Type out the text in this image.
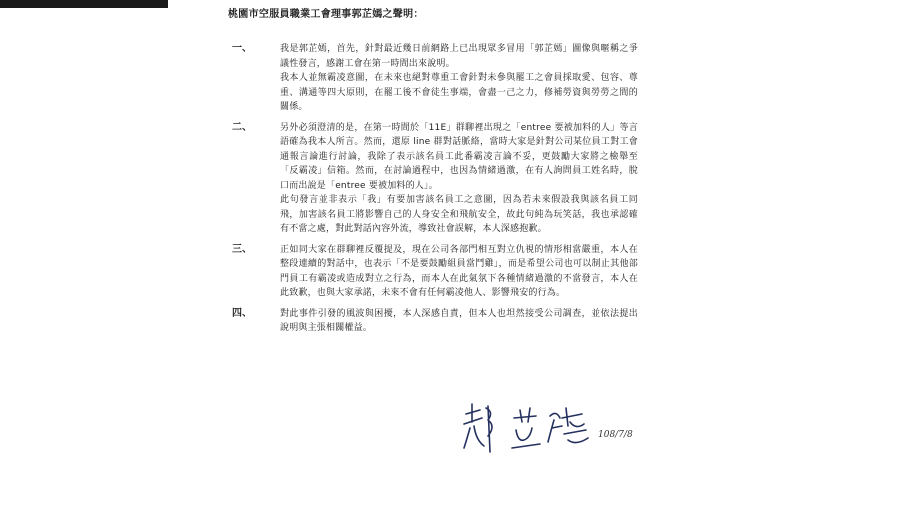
桃園市空服員職業工會理事郭芷嫣之聲明：
一、	我是郭芷嫣，首先，針對最近幾日前網路上已出現眾多冒用「郭芷嫣」圖像與暱稱之爭議性發言，感謝工會在第一時間出來說明。

我本人並無霸凌意圖，在未來也絕對尊重工會針對未參與罷工之會員採取愛、包容、尊重、溝通等四大原則，在罷工後不會徒生事端，會盡一己之力，修補勞資與勞勞之間的關係。

二、	另外必須澄清的是，在第一時間於「11E」群聊裡出現之「entree 要被加料的人」等言語確為我本人所言。然而，還原 line 群對話脈絡，當時大家是針對公司某位員工對工會通報言論進行討論，我除了表示該名員工此番霸凌言論不妥，更鼓勵大家將之檢舉至「反霸凌」信箱。然而，在討論過程中，也因為情緒過激，在有人詢問員工姓名時，脫口而出說是「entree 要被加料的人」。

此句發言並非表示「我」有要加害該名員工之意圖，因為若未來假設我與該名員工同飛，加害該名員工將影響自己的人身安全和飛航安全，故此句純為玩笑話，我也承認確有不當之處，對此對話內容外流，導致社會誤解，本人深感抱歉。

三、	正如同大家在群聊裡反覆提及，現在公司各部門相互對立仇視的情形相當嚴重，本人在整段連續的對話中，也表示「不是要鼓勵組員當鬥雞」，而是希望公司也可以制止其他部門員工有霸凌或造成對立之行為，而本人在此氣氛下各種情緒過激的不當發言，本人在此致歉，也與大家承諾，未來不會有任何霸凌他人、影響飛安的行為。

四、	對此事件引發的風波與困擾，本人深感自責，但本人也坦然接受公司調查，並依法提出說明與主張相關權益。

108/7/8
